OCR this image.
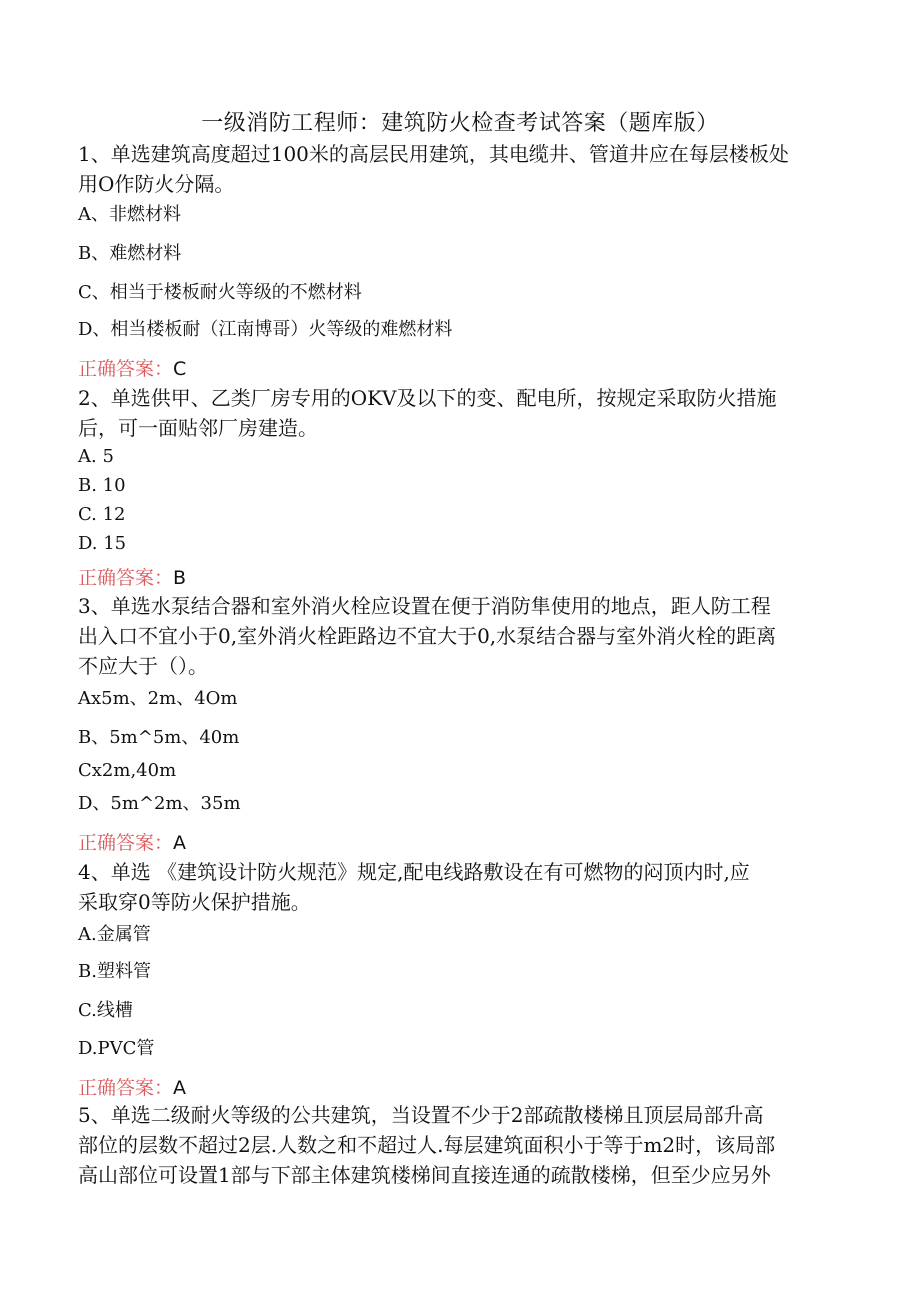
一级消防工程师：建筑防火检查考试答案（题库版）
1、单选建筑高度超过100米的高层民用建筑，其电缆井、管道井应在每层楼板处
用O作防火分隔。
A、非燃材料
B、难燃材料
C、相当于楼板耐火等级的不燃材料
D、相当楼板耐（江南博哥）火等级的难燃材料
正确答案：C
2、单选供甲、乙类厂房专用的OKV及以下的变、配电所，按规定采取防火措施
后，可一面贴邻厂房建造。
A. 5
B. 10
C. 12
D. 15
正确答案：B
3、单选水泵结合器和室外消火栓应设置在便于消防隼使用的地点，距人防工程
出入口不宜小于0,室外消火栓距路边不宜大于0,水泵结合器与室外消火栓的距离
不应大于（）。
Ax5m、2m、4Om
B、5m^5m、40m
Cx2m,40m
D、5m^2m、35m
正确答案：A
4、单选 《建筑设计防火规范》规定,配电线路敷设在有可燃物的闷顶内时,应
采取穿0等防火保护措施。
A.金属管
B.塑料管
C.线槽
D.PVC管
正确答案：A
5、单选二级耐火等级的公共建筑，当设置不少于2部疏散楼梯且顶层局部升高
部位的层数不超过2层.人数之和不超过人.每层建筑面积小于等于m2时，该局部
高山部位可设置1部与下部主体建筑楼梯间直接连通的疏散楼梯，但至少应另外
